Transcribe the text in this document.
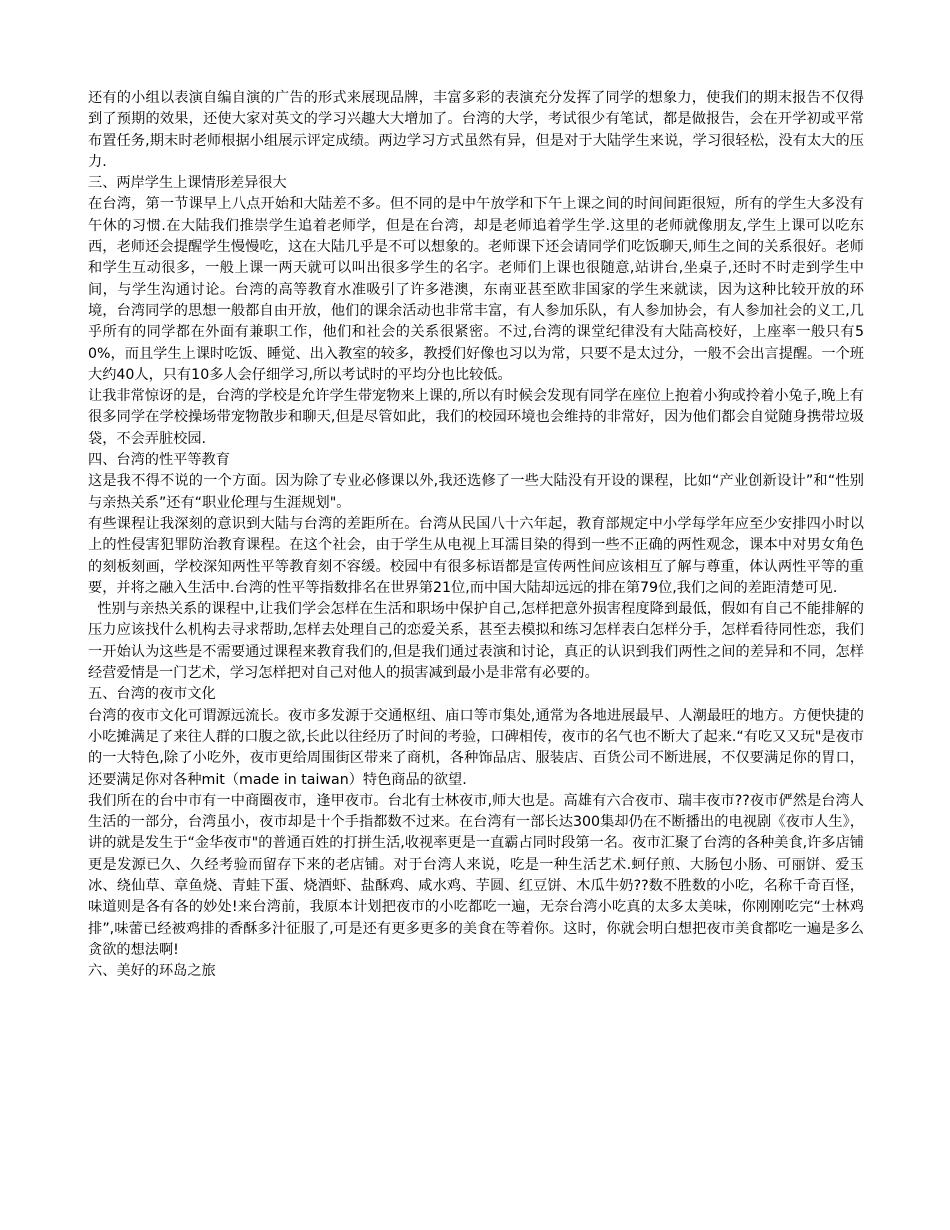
还有的小组以表演自编自演的广告的形式来展现品牌，丰富多彩的表演充分发挥了同学的想象力，使我们的期末报告不仅得到了预期的效果，还使大家对英文的学习兴趣大大增加了。台湾的大学，考试很少有笔试，都是做报告，会在开学初或平常布置任务,期末时老师根据小组展示评定成绩。两边学习方式虽然有异，但是对于大陆学生来说，学习很轻松，没有太大的压力.

三、两岸学生上课情形差异很大

在台湾，第一节课早上八点开始和大陆差不多。但不同的是中午放学和下午上课之间的时间间距很短，所有的学生大多没有午休的习惯.在大陆我们推崇学生追着老师学，但是在台湾，却是老师追着学生学.这里的老师就像朋友,学生上课可以吃东西，老师还会提醒学生慢慢吃，这在大陆几乎是不可以想象的。老师课下还会请同学们吃饭聊天,师生之间的关系很好。老师和学生互动很多，一般上课一两天就可以叫出很多学生的名字。老师们上课也很随意,站讲台,坐桌子,还时不时走到学生中间，与学生沟通讨论。台湾的高等教育水准吸引了许多港澳，东南亚甚至欧非国家的学生来就读，因为这种比较开放的环境，台湾同学的思想一般都自由开放，他们的课余活动也非常丰富，有人参加乐队，有人参加协会，有人参加社会的义工,几乎所有的同学都在外面有兼职工作，他们和社会的关系很紧密。不过,台湾的课堂纪律没有大陆高校好，上座率一般只有50%，而且学生上课时吃饭、睡觉、出入教室的较多，教授们好像也习以为常，只要不是太过分，一般不会出言提醒。一个班大约40人，只有10多人会仔细学习,所以考试时的平均分也比较低。

让我非常惊讶的是，台湾的学校是允许学生带宠物来上课的,所以有时候会发现有同学在座位上抱着小狗或拎着小兔子,晚上有很多同学在学校操场带宠物散步和聊天,但是尽管如此，我们的校园环境也会维持的非常好，因为他们都会自觉随身携带垃圾袋，不会弄脏校园.

四、台湾的性平等教育

这是我不得不说的一个方面。因为除了专业必修课以外,我还选修了一些大陆没有开设的课程，比如“产业创新设计”和“性别与亲热关系”还有“职业伦理与生涯规划"。

有些课程让我深刻的意识到大陆与台湾的差距所在。台湾从民国八十六年起，教育部规定中小学每学年应至少安排四小时以上的性侵害犯罪防治教育课程。在这个社会，由于学生从电视上耳濡目染的得到一些不正确的两性观念，课本中对男女角色的刻板刻画，学校深知两性平等教育刻不容缓。校园中有很多标语都是宣传两性间应该相互了解与尊重，体认两性平等的重要，并将之融入生活中.台湾的性平等指数排名在世界第21位,而中国大陆却远远的排在第79位,我们之间的差距清楚可见.

性别与亲热关系的课程中,让我们学会怎样在生活和职场中保护自己,怎样把意外损害程度降到最低，假如有自己不能排解的压力应该找什么机构去寻求帮助,怎样去处理自己的恋爱关系，甚至去模拟和练习怎样表白怎样分手，怎样看待同性恋，我们一开始认为这些是不需要通过课程来教育我们的,但是我们通过表演和讨论，真正的认识到我们两性之间的差异和不同，怎样经营爱情是一门艺术，学习怎样把对自己对他人的损害减到最小是非常有必要的。

五、台湾的夜市文化

台湾的夜市文化可谓源远流长。夜市多发源于交通枢纽、庙口等市集处,通常为各地进展最早、人潮最旺的地方。方便快捷的小吃摊满足了来往人群的口腹之欲,长此以往经历了时间的考验，口碑相传，夜市的名气也不断大了起来.“有吃又又玩"是夜市的一大特色,除了小吃外，夜市更给周围街区带来了商机，各种饰品店、服装店、百货公司不断进展，不仅要满足你的胃口，还要满足你对各种mit（made in taiwan）特色商品的欲望.

我们所在的台中市有一中商圈夜市，逢甲夜市。台北有士林夜市,师大也是。高雄有六合夜市、瑞丰夜市??夜市俨然是台湾人生活的一部分，台湾虽小，夜市却是十个手指都数不过来。在台湾有一部长达300集却仍在不断播出的电视剧《夜市人生》，讲的就是发生于“金华夜市"的普通百姓的打拼生活,收视率更是一直霸占同时段第一名。夜市汇聚了台湾的各种美食,许多店铺更是发源已久、久经考验而留存下来的老店铺。对于台湾人来说，吃是一种生活艺术.蚵仔煎、大肠包小肠、可丽饼、爱玉冰、绕仙草、章鱼烧、青蛙下蛋、烧酒虾、盐酥鸡、咸水鸡、芋圆、红豆饼、木瓜牛奶??数不胜数的小吃，名称千奇百怪，味道则是各有各的妙处!来台湾前，我原本计划把夜市的小吃都吃一遍，无奈台湾小吃真的太多太美味，你刚刚吃完“士林鸡排”,味蕾已经被鸡排的香酥多汁征服了,可是还有更多更多的美食在等着你。这时，你就会明白想把夜市美食都吃一遍是多么贪欲的想法啊!

六、美好的环岛之旅
